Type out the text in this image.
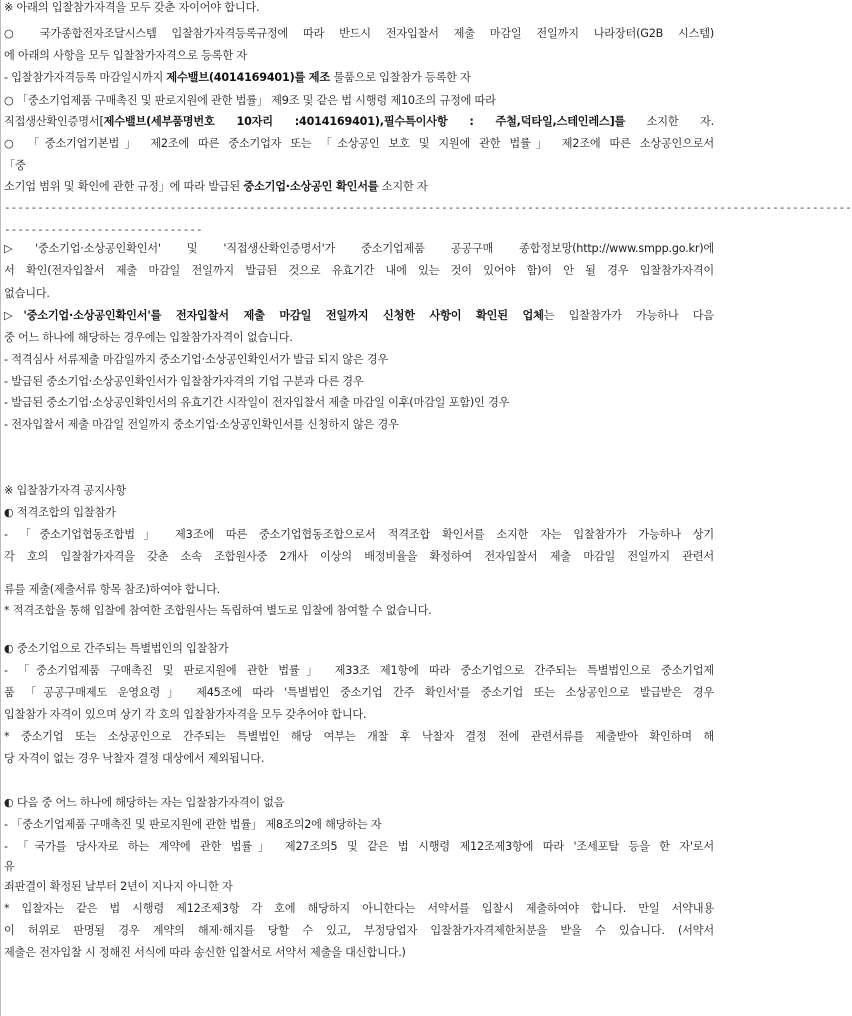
※ 아래의 입찰참가자격을 모두 갖춘 자이어야 합니다.
○ 국가종합전자조달시스템 입찰참가자격등록규정에 따라 반드시 전자입찰서 제출 마감일 전일까지 나라장터(G2B 시스템)
에 아래의 사항을 모두 입찰참가자격으로 등록한 자
- 입찰참가자격등록 마감일시까지 제수밸브(4014169401)를 제조 물품으로 입찰참가 등록한 자
○ 「중소기업제품 구매촉진 및 판로지원에 관한 법률」 제9조 및 같은 법 시행령 제10조의 규정에 따라
직접생산확인증명서[제수밸브(세부품명번호 10자리 :4014169401),필수특이사항 : 주철,덕타일,스테인레스]를 소지한 자.
○ 「중소기업기본법」 제2조에 따른 중소기업자 또는 「소상공인 보호 및 지원에 관한 법률」 제2조에 따른 소상공인으로서
「중
소기업 범위 및 확인에 관한 규정」에 따라 발급된 중소기업·소상공인 확인서를 소지한 자
--------------------------------------------------------------------------------------------------------------------------------
------------------------------
▷'중소기업·소상공인확인서' 및 '직접생산확인증명서'가 중소기업제품 공공구매 종합정보망(http://www.smpp.go.kr)에
서 확인(전자입찰서 제출 마감일 전일까지 발급된 것으로 유효기간 내에 있는 것이 있어야 함)이 안 될 경우 입찰참가자격이
없습니다.
▷'중소기업·소상공인확인서'를 전자입찰서 제출 마감일 전일까지 신청한 사항이 확인된 업체는 입찰참가가 가능하나 다음
중 어느 하나에 해당하는 경우에는 입찰참가자격이 없습니다.
- 적격심사 서류제출 마감일까지 중소기업·소상공인확인서가 발급 되지 않은 경우
- 발급된 중소기업·소상공인확인서가 입찰참가자격의 기업 구분과 다른 경우
- 발급된 중소기업·소상공인확인서의 유효기간 시작일이 전자입찰서 제출 마감일 이후(마감일 포함)인 경우
- 전자입찰서 제출 마감일 전일까지 중소기업·소상공인확인서를 신청하지 않은 경우
※ 입찰참가자격 공지사항
◐ 적격조합의 입찰참가
- 「중소기업협동조합법」 제3조에 따른 중소기업협동조합으로서 적격조합 확인서를 소지한 자는 입찰참가가 가능하나 상기
각 호의 입찰참가자격을 갖춘 소속 조합원사중 2개사 이상의 배정비율을 확정하여 전자입찰서 제출 마감일 전일까지 관련서
류를 제출(제출서류 항목 참조)하여야 합니다.
* 적격조합을 통해 입찰에 참여한 조합원사는 독립하여 별도로 입찰에 참여할 수 없습니다.
◐ 중소기업으로 간주되는 특별법인의 입찰참가
- 「중소기업제품 구매촉진 및 판로지원에 관한 법률」 제33조 제1항에 따라 중소기업으로 간주되는 특별법인으로 중소기업제
품 「공공구매제도 운영요령」 제45조에 따라 '특별법인 중소기업 간주 확인서'를 중소기업 또는 소상공인으로 발급받은 경우
입찰참가 자격이 있으며 상기 각 호의 입찰참가자격을 모두 갖추어야 합니다.
* 중소기업 또는 소상공인으로 간주되는 특별법인 해당 여부는 개찰 후 낙찰자 결정 전에 관련서류를 제출받아 확인하며 해
당 자격이 없는 경우 낙찰자 결정 대상에서 제외됩니다.
◐ 다음 중 어느 하나에 해당하는 자는 입찰참가자격이 없음
- 「중소기업제품 구매촉진 및 판로지원에 관한 법률」 제8조의2에 해당하는 자
- 「국가를 당사자로 하는 계약에 관한 법률」 제27조의5 및 같은 법 시행령 제12조제3항에 따라 '조세포탈 등을 한 자'로서
유
죄판결이 확정된 날부터 2년이 지나지 아니한 자
* 입찰자는 같은 법 시행령 제12조제3항 각 호에 해당하지 아니한다는 서약서를 입찰시 제출하여야 합니다. 만일 서약내용
이 허위로 판명될 경우 계약의 해제·해지를 당할 수 있고, 부정당업자 입찰참가자격제한처분을 받을 수 있습니다. (서약서
제출은 전자입찰 시 정해진 서식에 따라 송신한 입찰서로 서약서 제출을 대신합니다.)
